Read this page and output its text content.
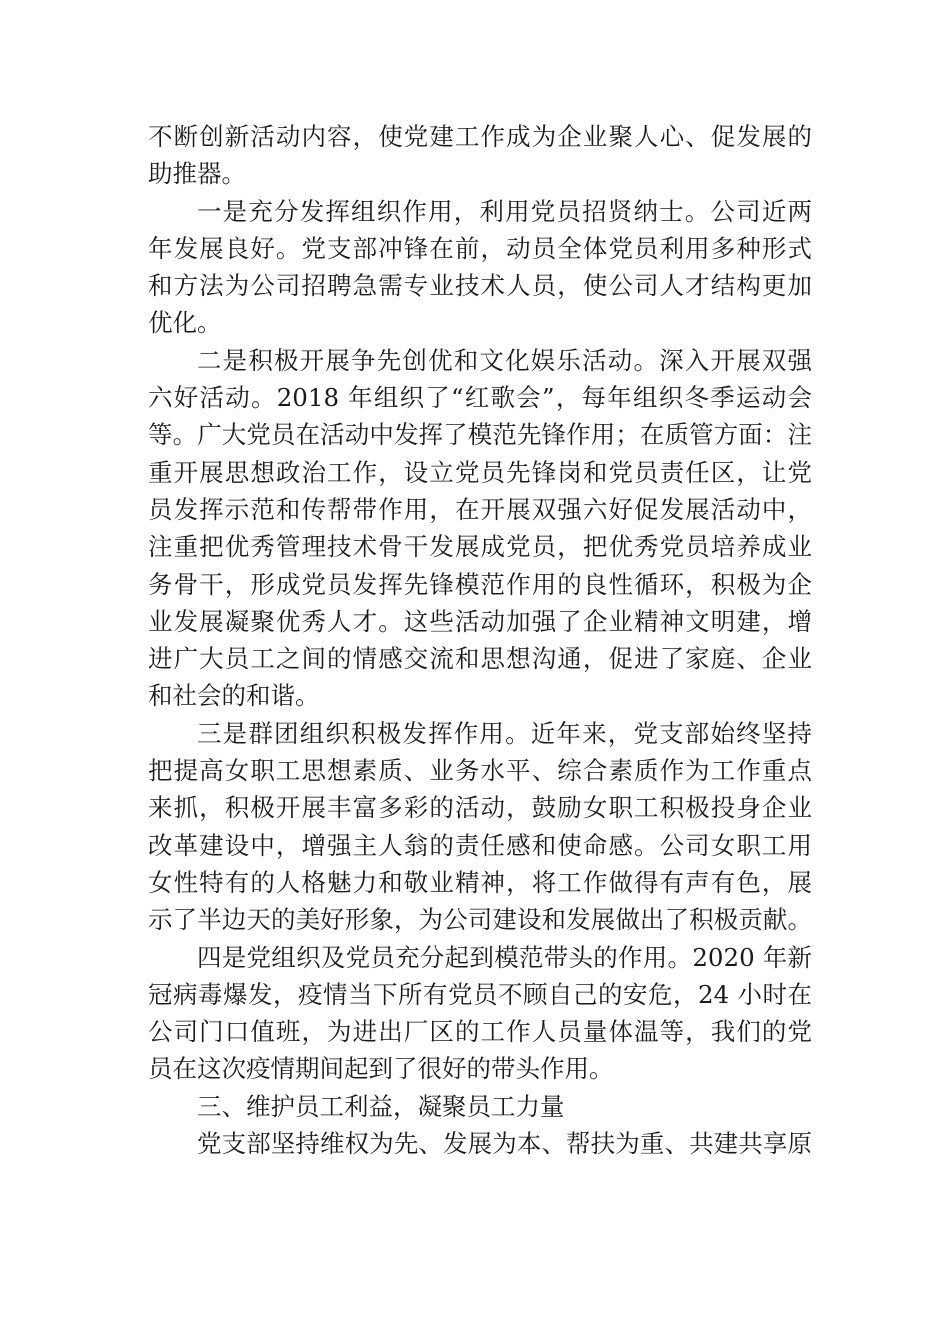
不断创新活动内容，使党建工作成为企业聚人心、促发展的
助推器。
一是充分发挥组织作用，利用党员招贤纳士。公司近两
年发展良好。党支部冲锋在前，动员全体党员利用多种形式
和方法为公司招聘急需专业技术人员，使公司人才结构更加
优化。
二是积极开展争先创优和文化娱乐活动。深入开展双强
六好活动。2018 年组织了“红歌会”，每年组织冬季运动会
等。广大党员在活动中发挥了模范先锋作用；在质管方面：注
重开展思想政治工作，设立党员先锋岗和党员责任区，让党
员发挥示范和传帮带作用，在开展双强六好促发展活动中，
注重把优秀管理技术骨干发展成党员，把优秀党员培养成业
务骨干，形成党员发挥先锋模范作用的良性循环，积极为企
业发展凝聚优秀人才。这些活动加强了企业精神文明建，增
进广大员工之间的情感交流和思想沟通，促进了家庭、企业
和社会的和谐。
三是群团组织积极发挥作用。近年来，党支部始终坚持
把提高女职工思想素质、业务水平、综合素质作为工作重点
来抓，积极开展丰富多彩的活动，鼓励女职工积极投身企业
改革建设中，增强主人翁的责任感和使命感。公司女职工用
女性特有的人格魅力和敬业精神，将工作做得有声有色，展
示了半边天的美好形象，为公司建设和发展做出了积极贡献。
四是党组织及党员充分起到模范带头的作用。2020 年新
冠病毒爆发，疫情当下所有党员不顾自己的安危，24 小时在
公司门口值班，为进出厂区的工作人员量体温等，我们的党
员在这次疫情期间起到了很好的带头作用。
三、维护员工利益，凝聚员工力量
党支部坚持维权为先、发展为本、帮扶为重、共建共享原
